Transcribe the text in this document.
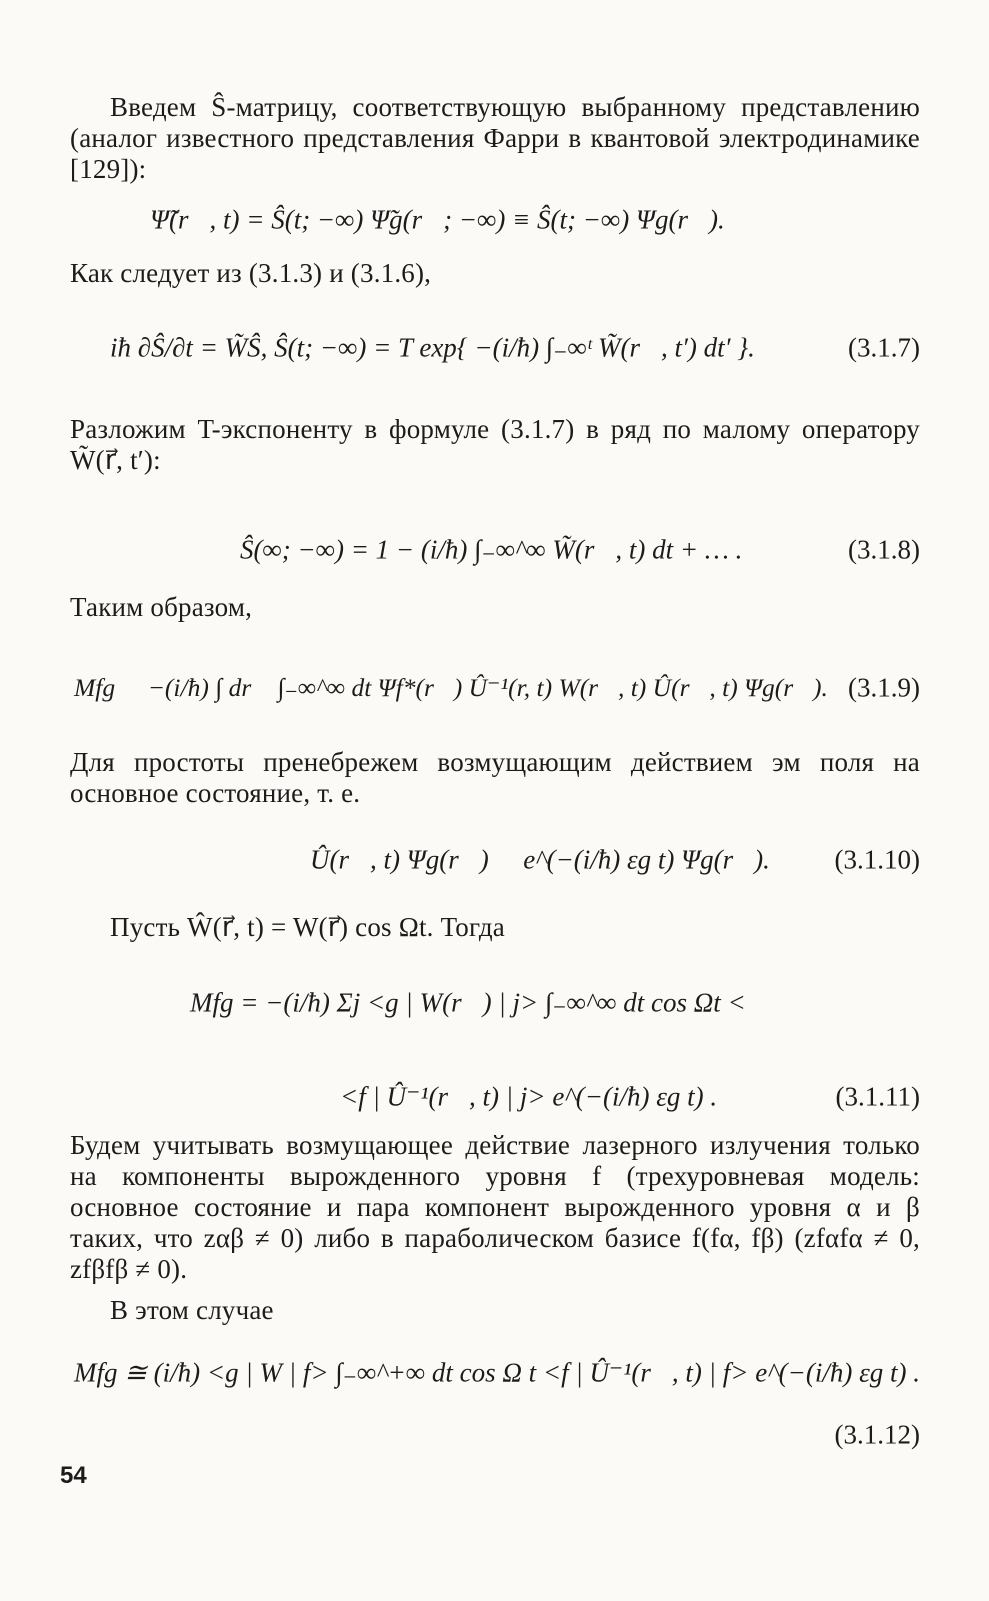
Введем Ŝ-матрицу, соответствующую выбранному представлению (аналог известного представления Фарри в квантовой электродинамике [129]):
Ψ̃(r⃗, t) = Ŝ(t; −∞) Ψ̃g(r⃗; −∞) ≡ Ŝ(t; −∞) Ψg(r⃗).
Как следует из (3.1.3) и (3.1.6),
iħ ∂Ŝ/∂t = W̃Ŝ, Ŝ(t; −∞) = T exp{ −(i/ħ) ∫₋∞ᵗ W̃(r⃗, t′) dt′ }.	(3.1.7)
Разложим T-экспоненту в формуле (3.1.7) в ряд по малому оператору W̃(r⃗, t′):
Ŝ(∞; −∞) = 1 − (i/ħ) ∫₋∞^∞ W̃(r⃗, t) dt + … .	(3.1.8)
Таким образом,
Mfg ≅ −(i/ħ) ∫ dr⃗ ∫₋∞^∞ dt Ψf*(r⃗) Û⁻¹(r, t) W(r⃗, t) Û(r⃗, t) Ψg(r⃗). (3.1.9)
Для простоты пренебрежем возмущающим действием эм поля на основное состояние, т. е.
Û(r⃗, t) Ψg(r⃗) ≅ e^(−(i/ħ) εg t) Ψg(r⃗). (3.1.10)
Пусть Ŵ(r⃗, t) = W(r⃗) cos Ωt. Тогда
Mfg = −(i/ħ) Σj <g | W(r⃗) | j> ∫₋∞^∞ dt cos Ωt <
<f | Û⁻¹(r⃗, t) | j> e^(−(i/ħ) εg t) .	(3.1.11)
Будем учитывать возмущающее действие лазерного излучения только на компоненты вырожденного уровня f (трехуровневая модель: основное состояние и пара компонент вырожденного уровня α и β таких, что zαβ ≠ 0) либо в параболическом базисе f(fα, fβ) (zfαfα ≠ 0, zfβfβ ≠ 0).
В этом случае
Mfg ≅ (i/ħ) <g | W | f> ∫₋∞^+∞ dt cos Ω t <f | Û⁻¹(r⃗, t) | f> e^(−(i/ħ) εg t) .
(3.1.12)
54
